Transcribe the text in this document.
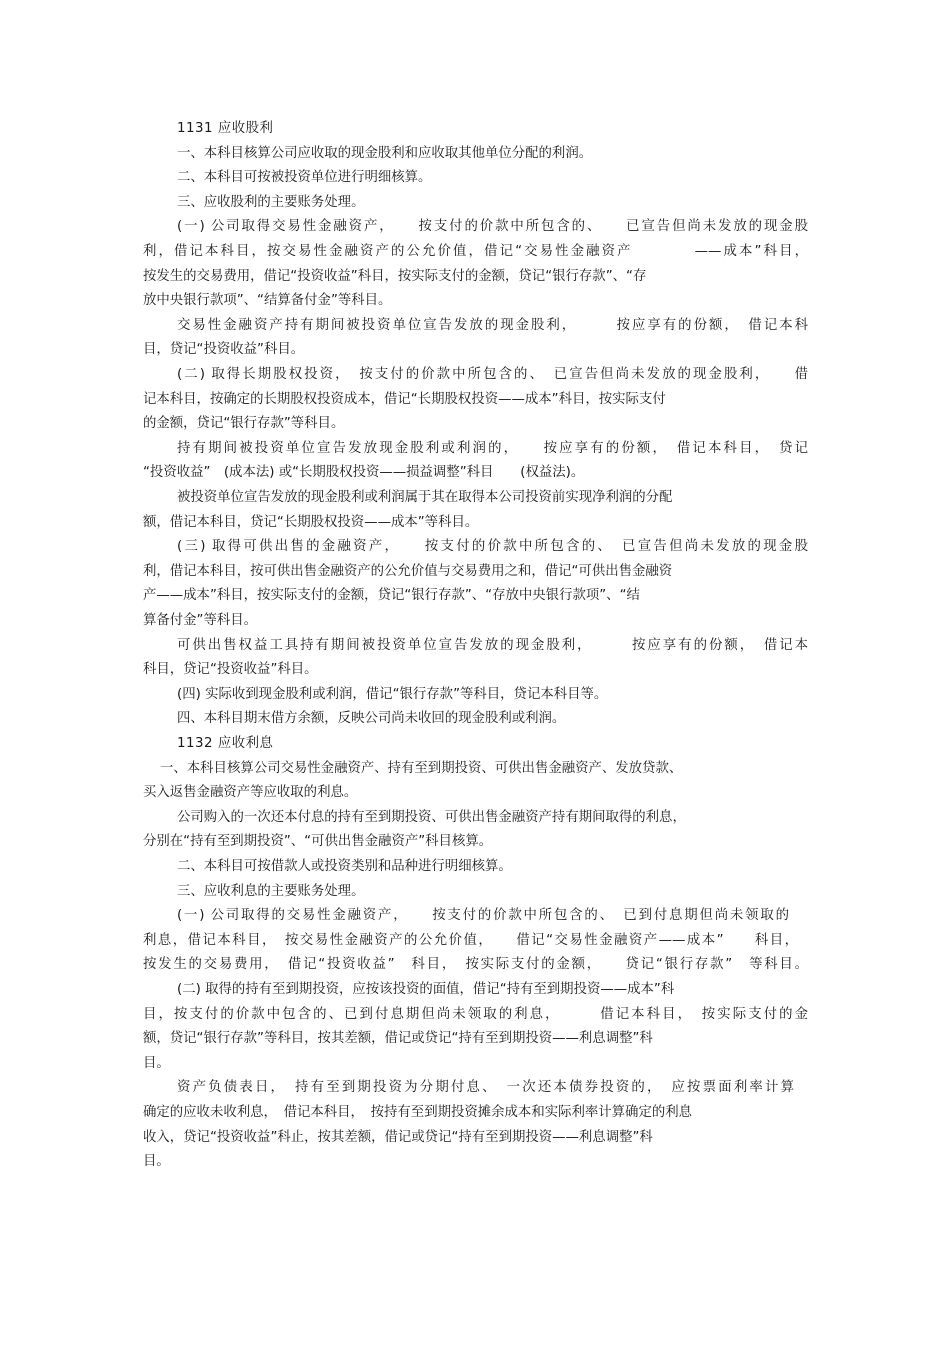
1131 应收股利
一、本科目核算公司应收取的现金股利和应收取其他单位分配的利润。
二、本科目可按被投资单位进行明细核算。
三、应收股利的主要账务处理。
(一) 公司取得交易性金融资产，　　按支付的价款中所包含的、　　已宣告但尚未发放的现金股
利，借记本科目，按交易性金融资产的公允价值，借记“交易性金融资产　　　　——成本”科目，
按发生的交易费用，借记“投资收益”科目，按实际支付的金额，贷记“银行存款”、“存
放中央银行款项”、“结算备付金”等科目。
交易性金融资产持有期间被投资单位宣告发放的现金股利，　　　按应享有的份额，　借记本科
目，贷记“投资收益”科目。
(二) 取得长期股权投资，　按支付的价款中所包含的、　已宣告但尚未发放的现金股利，　　借
记本科目，按确定的长期股权投资成本，借记“长期股权投资——成本”科目，按实际支付
的金额，贷记“银行存款”等科目。
持有期间被投资单位宣告发放现金股利或利润的，　　按应享有的份额，　借记本科目，　贷记
“投资收益”　(成本法) 或“长期股权投资——损益调整”科目　　(权益法)。
被投资单位宣告发放的现金股利或利润属于其在取得本公司投资前实现净利润的分配
额，借记本科目，贷记“长期股权投资——成本”等科目。
(三) 取得可供出售的金融资产，　　按支付的价款中所包含的、　已宣告但尚未发放的现金股
利，借记本科目，按可供出售金融资产的公允价值与交易费用之和，借记“可供出售金融资
产——成本”科目，按实际支付的金额，贷记“银行存款”、“存放中央银行款项”、“结
算备付金”等科目。
可供出售权益工具持有期间被投资单位宣告发放的现金股利，　　　按应享有的份额，　借记本
科目，贷记“投资收益”科目。
(四) 实际收到现金股利或利润，借记“银行存款”等科目，贷记本科目等。
四、本科目期末借方余额，反映公司尚未收回的现金股利或利润。
1132 应收利息
一、本科目核算公司交易性金融资产、持有至到期投资、可供出售金融资产、发放贷款、
买入返售金融资产等应收取的利息。
公司购入的一次还本付息的持有至到期投资、可供出售金融资产持有期间取得的利息，
分别在“持有至到期投资”、“可供出售金融资产”科目核算。
二、本科目可按借款人或投资类别和品种进行明细核算。
三、应收利息的主要账务处理。
(一) 公司取得的交易性金融资产，　　按支付的价款中所包含的、　已到付息期但尚未领取的
利息，借记本科目，　按交易性金融资产的公允价值，　　借记“交易性金融资产——成本”　　科目，
按发生的交易费用，　借记“投资收益”　科目，　按实际支付的金额，　　贷记“银行存款”　等科目。
(二) 取得的持有至到期投资，应按该投资的面值，借记“持有至到期投资——成本”科
目，按支付的价款中包含的、已到付息期但尚未领取的利息，　　　借记本科目，　按实际支付的金
额，贷记“银行存款”等科目，按其差额，借记或贷记“持有至到期投资——利息调整”科
目。
资产负债表日，　持有至到期投资为分期付息、　一次还本债券投资的，　应按票面利率计算
确定的应收未收利息，　借记本科目，　按持有至到期投资摊余成本和实际利率计算确定的利息
收入，贷记“投资收益”科止，按其差额，借记或贷记“持有至到期投资——利息调整”科
目。
